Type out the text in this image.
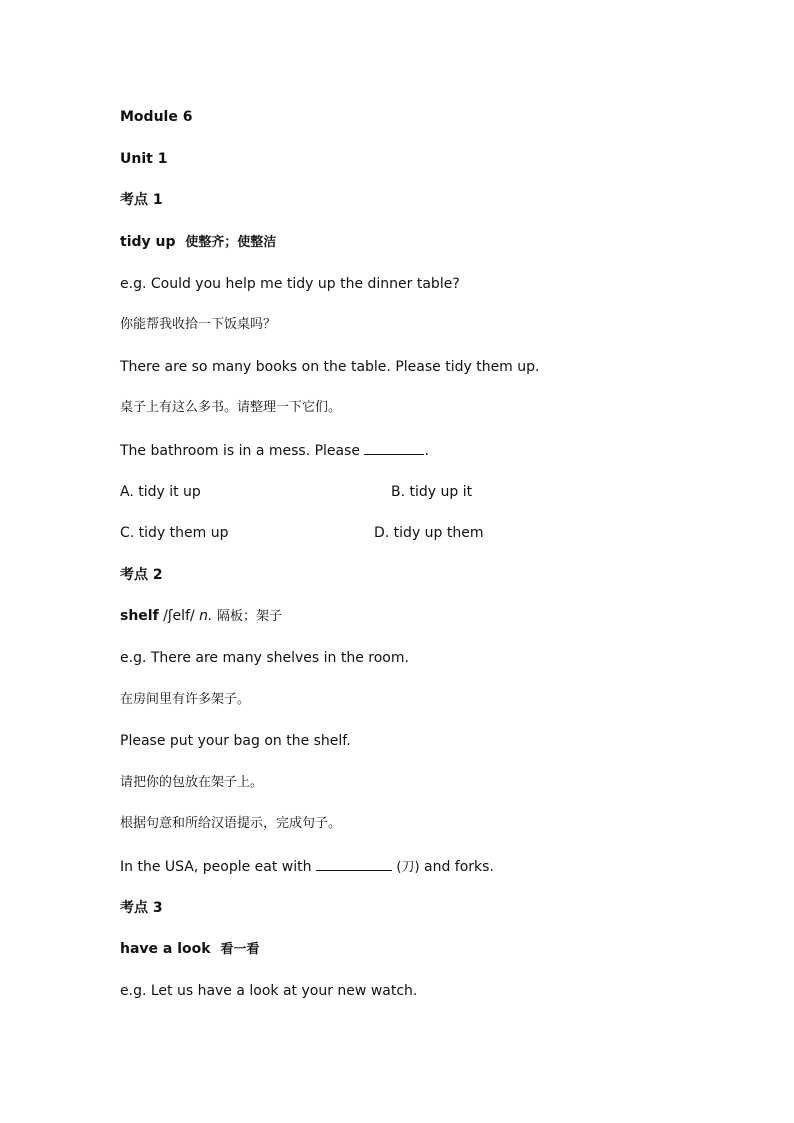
Module 6
Unit 1
考点 1
tidy up 使整齐；使整洁
e.g. Could you help me tidy up the dinner table?
你能帮我收拾一下饭桌吗？
There are so many books on the table. Please tidy them up.
桌子上有这么多书。请整理一下它们。
The bathroom is in a mess. Please	.
A. tidy it up	B. tidy up it
C. tidy them up	D. tidy up them
考点 2
shelf /ʃelf/ n. 隔板；架子
e.g. There are many shelves in the room.
在房间里有许多架子。
Please put your bag on the shelf.
请把你的包放在架子上。
根据句意和所给汉语提示，完成句子。
In the USA, people eat with	(刀) and forks.
考点 3
have a look 看一看
e.g. Let us have a look at your new watch.
